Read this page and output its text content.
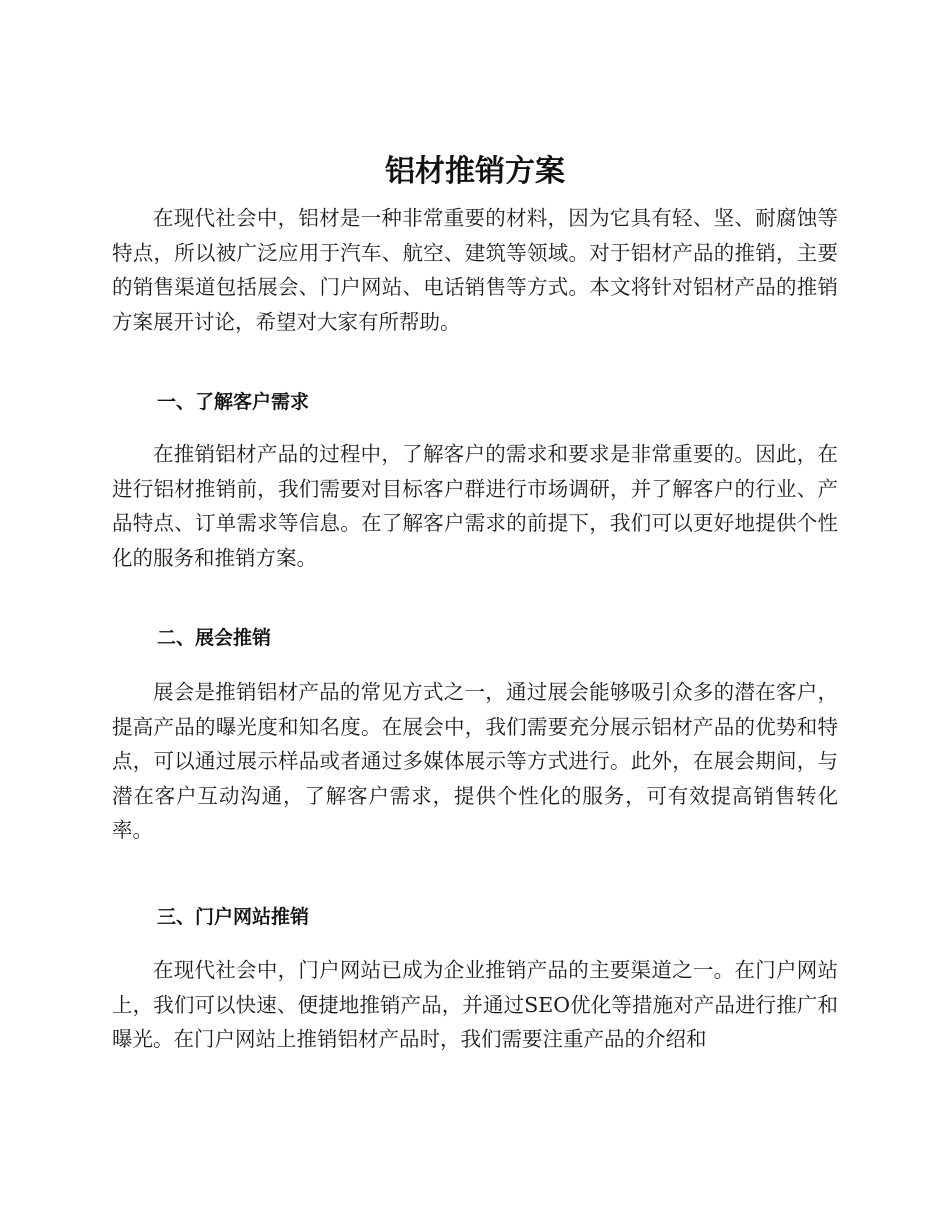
铝材推销方案

在现代社会中，铝材是一种非常重要的材料，因为它具有轻、坚、耐腐蚀等特点，所以被广泛应用于汽车、航空、建筑等领域。对于铝材产品的推销，主要的销售渠道包括展会、门户网站、电话销售等方式。本文将针对铝材产品的推销方案展开讨论，希望对大家有所帮助。

一、了解客户需求

在推销铝材产品的过程中，了解客户的需求和要求是非常重要的。因此，在进行铝材推销前，我们需要对目标客户群进行市场调研，并了解客户的行业、产品特点、订单需求等信息。在了解客户需求的前提下，我们可以更好地提供个性化的服务和推销方案。

二、展会推销

展会是推销铝材产品的常见方式之一，通过展会能够吸引众多的潜在客户，提高产品的曝光度和知名度。在展会中，我们需要充分展示铝材产品的优势和特点，可以通过展示样品或者通过多媒体展示等方式进行。此外，在展会期间，与潜在客户互动沟通，了解客户需求，提供个性化的服务，可有效提高销售转化率。

三、门户网站推销

在现代社会中，门户网站已成为企业推销产品的主要渠道之一。在门户网站上，我们可以快速、便捷地推销产品，并通过SEO优化等措施对产品进行推广和曝光。在门户网站上推销铝材产品时，我们需要注重产品的介绍和
